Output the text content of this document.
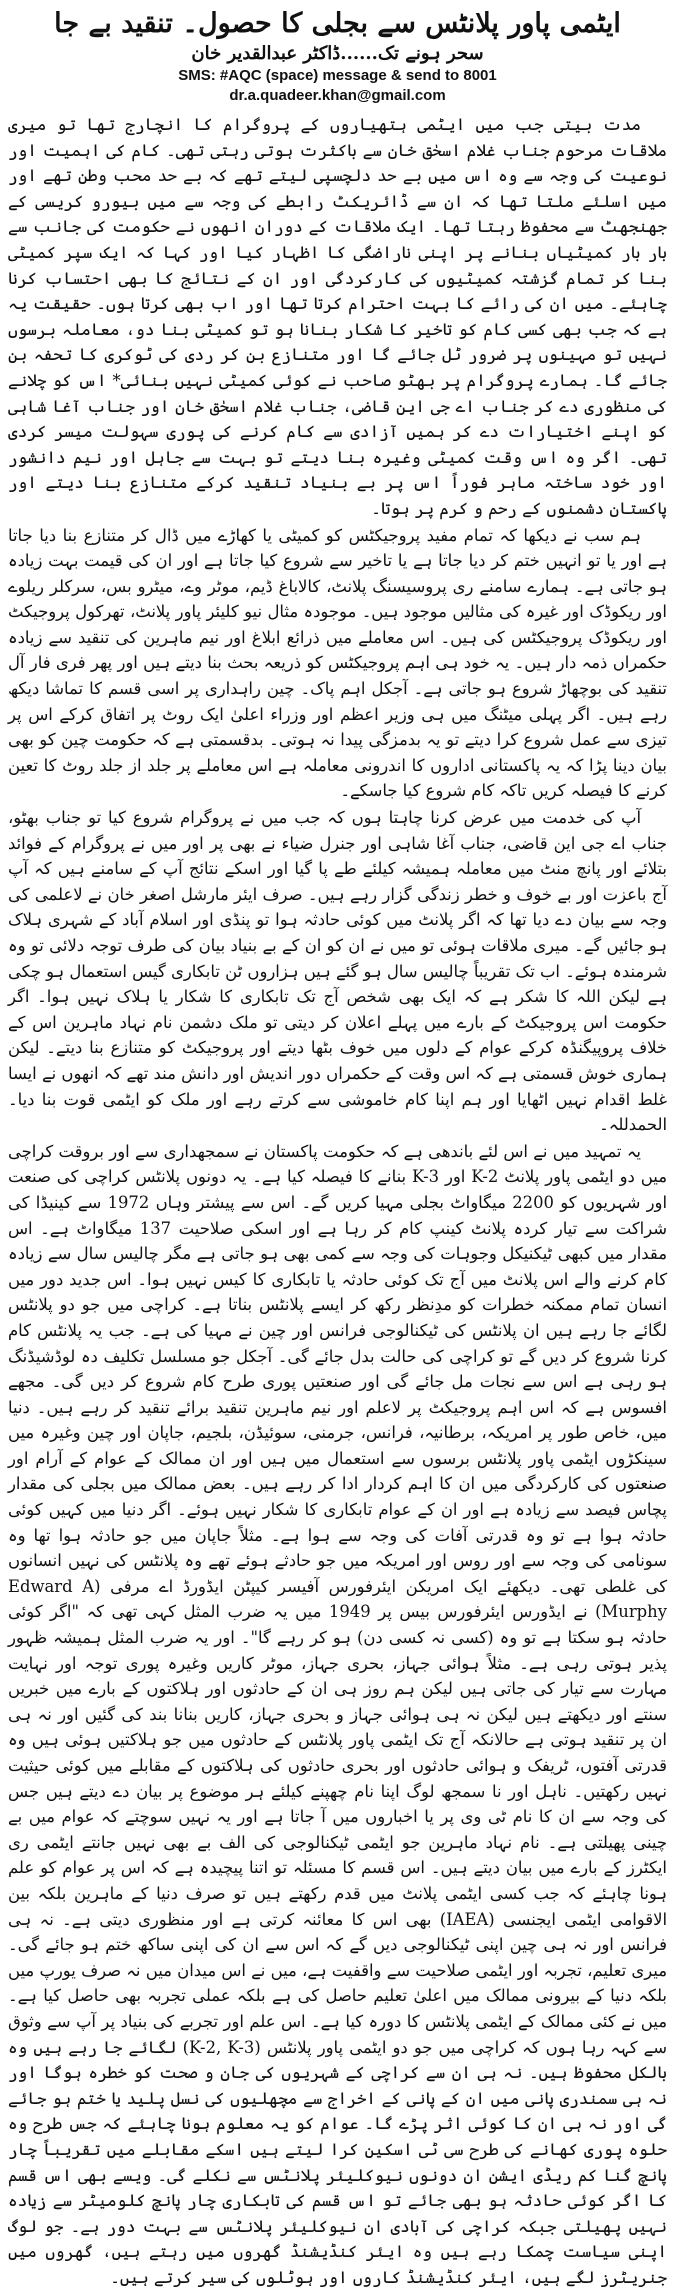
ایٹمی پاور پلانٹس سے بجلی کا حصول۔ تنقید بے جا
سحر ہونے تک......ڈاکٹر عبدالقدیر خان
SMS: #AQC (space) message & send to 8001
dr.a.quadeer.khan@gmail.com

مدت بیتی جب میں ایٹمی ہتھیاروں کے پروگرام کا انچارج تھا تو میری ملاقات مرحوم جناب غلام اسحٰق خان سے باکثرت ہوتی رہتی تھی۔ کام کی اہمیت اور نوعیت کی وجہ سے وہ اس میں بے حد دلچسپی لیتے تھے کہ بے حد محب وطن تھے اور میں اسلئے ملتا تھا کہ ان سے ڈائریکٹ رابطے کی وجہ سے میں بیورو کریسی کے جھنجھٹ سے محفوظ رہتا تھا۔ ایک ملاقات کے دوران انھوں نے حکومت کی جانب سے بار بار کمیٹیاں بنانے پر اپنی ناراضگی کا اظہار کیا اور کہا کہ ایک سپر کمیٹی بنا کر تمام گزشتہ کمیٹیوں کی کارکردگی اور ان کے نتائج کا بھی احتساب کرنا چاہئے۔ میں ان کی رائے کا بہت احترام کرتا تھا اور اب بھی کرتا ہوں۔ حقیقت یہ ہے کہ جب بھی کسی کام کو تاخیر کا شکار بنانا ہو تو کمیٹی بنا دو، معاملہ برسوں نہیں تو مہینوں پر ضرور ٹل جائے گا اور متنازع بن کر ردی کی ٹوکری کا تحفہ بن جائے گا۔ ہمارے پروگرام پر بھٹو صاحب نے کوئی کمیٹی نہیں بنائی* اس کو چلانے کی منظوری دے کر جناب اے جی این قاضی، جناب غلام اسحٰق خان اور جناب آغا شاہی کو اپنے اختیارات دے کر ہمیں آزادی سے کام کرنے کی پوری سہولت میسر کردی تھی۔ اگر وہ اس وقت کمیٹی وغیرہ بنا دیتے تو بہت سے جاہل اور نیم دانشور اور خود ساختہ ماہر فوراً اس پر بے بنیاد تنقید کرکے متنازع بنا دیتے اور پاکستان دشمنوں کے رحم و کرم پر ہوتا۔

ہم سب نے دیکھا کہ تمام مفید پروجیکٹس کو کمیٹی یا کھاڑے میں ڈال کر متنازع بنا دیا جاتا ہے اور یا تو انہیں ختم کر دیا جاتا ہے یا تاخیر سے شروع کیا جاتا ہے اور ان کی قیمت بہت زیادہ ہو جاتی ہے۔ ہمارے سامنے ری پروسیسنگ پلانٹ، کالاباغ ڈیم، موٹر وے، میٹرو بس، سرکلر ریلوے اور ریکوڈک اور غیرہ کی مثالیں موجود ہیں۔ موجودہ مثال نیو کلیئر پاور پلانٹ، تھرکول پروجیکٹ اور ریکوڈک پروجیکٹس کی ہیں۔ اس معاملے میں ذرائع ابلاغ اور نیم ماہرین کی تنقید سے زیادہ حکمراں ذمہ دار ہیں۔ یہ خود ہی اہم پروجیکٹس کو ذریعہ بحث بنا دیتے ہیں اور پھر فری فار آل تنقید کی بوچھاڑ شروع ہو جاتی ہے۔ آجکل اہم پاک۔ چین راہداری پر اسی قسم کا تماشا دیکھ رہے ہیں۔ اگر پہلی میٹنگ میں ہی وزیر اعظم اور وزراء اعلیٰ ایک روٹ پر اتفاق کرکے اس پر تیزی سے عمل شروع کرا دیتے تو یہ بدمزگی پیدا نہ ہوتی۔ بدقسمتی ہے کہ حکومت چین کو بھی بیان دینا پڑا کہ یہ پاکستانی اداروں کا اندرونی معاملہ ہے اس معاملے پر جلد از جلد روٹ کا تعین کرنے کا فیصلہ کریں تاکہ کام شروع کیا جاسکے۔

آپ کی خدمت میں عرض کرنا چاہتا ہوں کہ جب میں نے پروگرام شروع کیا تو جناب بھٹو، جناب اے جی این قاضی، جناب آغا شاہی اور جنرل ضیاء نے بھی پر اور میں نے پروگرام کے فوائد بتلائے اور پانچ منٹ میں معاملہ ہمیشہ کیلئے طے پا گیا اور اسکے نتائج آپ کے سامنے ہیں کہ آپ آج باعزت اور بے خوف و خطر زندگی گزار رہے ہیں۔ صرف ایئر مارشل اصغر خان نے لاعلمی کی وجہ سے بیان دے دیا تھا کہ اگر پلانٹ میں کوئی حادثہ ہوا تو پنڈی اور اسلام آباد کے شہری ہلاک ہو جائیں گے۔ میری ملاقات ہوئی تو میں نے ان کو ان کے بے بنیاد بیان کی طرف توجہ دلائی تو وہ شرمندہ ہوئے۔ اب تک تقریباً چالیس سال ہو گئے ہیں ہزاروں ٹن تابکاری گیس استعمال ہو چکی ہے لیکن اللہ کا شکر ہے کہ ایک بھی شخص آج تک تابکاری کا شکار یا ہلاک نہیں ہوا۔ اگر حکومت اس پروجیکٹ کے بارے میں پہلے اعلان کر دیتی تو ملک دشمن نام نہاد ماہرین اس کے خلاف پروپیگنڈہ کرکے عوام کے دلوں میں خوف بٹھا دیتے اور پروجیکٹ کو متنازع بنا دیتے۔ لیکن ہماری خوش قسمتی ہے کہ اس وقت کے حکمراں دور اندیش اور دانش مند تھے کہ انھوں نے ایسا غلط اقدام نہیں اٹھایا اور ہم اپنا کام خاموشی سے کرتے رہے اور ملک کو ایٹمی قوت بنا دیا۔ الحمدللہ۔

یہ تمہید میں نے اس لئے باندھی ہے کہ حکومت پاکستان نے سمجھداری سے اور بروقت کراچی میں دو ایٹمی پاور پلانٹ K-2 اور K-3 بنانے کا فیصلہ کیا ہے۔ یہ دونوں پلانٹس کراچی کی صنعت اور شہریوں کو 2200 میگاواٹ بجلی مہیا کریں گے۔ اس سے پیشتر وہاں 1972 سے کینیڈا کی شراکت سے تیار کردہ پلانٹ کینپ کام کر رہا ہے اور اسکی صلاحیت 137 میگاواٹ ہے۔ اس مقدار میں کبھی ٹیکنیکل وجوہات کی وجہ سے کمی بھی ہو جاتی ہے مگر چالیس سال سے زیادہ کام کرنے والے اس پلانٹ میں آج تک کوئی حادثہ یا تابکاری کا کیس نہیں ہوا۔ اس جدید دور میں انسان تمام ممکنہ خطرات کو مدِنظر رکھ کر ایسے پلانٹس بناتا ہے۔ کراچی میں جو دو پلانٹس لگائے جا رہے ہیں ان پلانٹس کی ٹیکنالوجی فرانس اور چین نے مہیا کی ہے۔ جب یہ پلانٹس کام کرنا شروع کر دیں گے تو کراچی کی حالت بدل جائے گی۔ آجکل جو مسلسل تکلیف دہ لوڈشیڈنگ ہو رہی ہے اس سے نجات مل جائے گی اور صنعتیں پوری طرح کام شروع کر دیں گی۔ مجھے افسوس ہے کہ اس اہم پروجیکٹ پر لاعلم اور نیم ماہرین تنقید برائے تنقید کر رہے ہیں۔ دنیا میں، خاص طور پر امریکہ، برطانیہ، فرانس، جرمنی، سوئیڈن، بلجیم، جاپان اور چین وغیرہ میں سینکڑوں ایٹمی پاور پلانٹس برسوں سے استعمال میں ہیں اور ان ممالک کے عوام کے آرام اور صنعتوں کی کارکردگی میں ان کا اہم کردار ادا کر رہے ہیں۔ بعض ممالک میں بجلی کی مقدار پچاس فیصد سے زیادہ ہے اور ان کے عوام تابکاری کا شکار نہیں ہوئے۔ اگر دنیا میں کہیں کوئی حادثہ ہوا ہے تو وہ قدرتی آفات کی وجہ سے ہوا ہے۔ مثلاً جاپان میں جو حادثہ ہوا تھا وہ سونامی کی وجہ سے اور روس اور امریکہ میں جو حادثے ہوئے تھے وہ پلانٹس کی نہیں انسانوں کی غلطی تھی۔ دیکھئے ایک امریکن ایئرفورس آفیسر کیپٹن ایڈورڈ اے مرفی (Edward A Murphy) نے ایڈورس ایئرفورس بیس پر 1949 میں یہ ضرب المثل کہی تھی کہ "اگر کوئی حادثہ ہو سکتا ہے تو وہ (کسی نہ کسی دن) ہو کر رہے گا"۔ اور یہ ضرب المثل ہمیشہ ظہور پذیر ہوتی رہی ہے۔ مثلاً ہوائی جہاز، بحری جہاز، موٹر کاریں وغیرہ پوری توجہ اور نہایت مہارت سے تیار کی جاتی ہیں لیکن ہم روز ہی ان کے حادثوں اور ہلاکتوں کے بارے میں خبریں سنتے اور دیکھتے ہیں لیکن نہ ہی ہوائی جہاز و بحری جہاز، کاریں بنانا بند کی گئیں اور نہ ہی ان پر تنقید ہوتی ہے حالانکہ آج تک ایٹمی پاور پلانٹس کے حادثوں میں جو ہلاکتیں ہوئی ہیں وہ قدرتی آفتوں، ٹریفک و ہوائی حادثوں اور بحری حادثوں کی ہلاکتوں کے مقابلے میں کوئی حیثیت نہیں رکھتیں۔ ناہل اور نا سمجھ لوگ اپنا نام چھپنے کیلئے ہر موضوع پر بیان دے دیتے ہیں جس کی وجہ سے ان کا نام ٹی وی پر یا اخباروں میں آ جاتا ہے اور یہ نہیں سوچتے کہ عوام میں بے چینی پھیلتی ہے۔ نام نہاد ماہرین جو ایٹمی ٹیکنالوجی کی الف بے بھی نہیں جانتے ایٹمی ری ایکٹرز کے بارے میں بیان دیتے ہیں۔ اس قسم کا مسئلہ تو اتنا پیچیدہ ہے کہ اس پر عوام کو علم ہونا چاہئے کہ جب کسی ایٹمی پلانٹ میں قدم رکھتے ہیں تو صرف دنیا کے ماہرین بلکہ بین الاقوامی ایٹمی ایجنسی (IAEA) بھی اس کا معائنہ کرتی ہے اور منظوری دیتی ہے۔ نہ ہی فرانس اور نہ ہی چین اپنی ٹیکنالوجی دیں گے کہ اس سے ان کی اپنی ساکھ ختم ہو جائے گی۔ میری تعلیم، تجربہ اور ایٹمی صلاحیت سے واقفیت ہے، میں نے اس میدان میں نہ صرف یورپ میں بلکہ دنیا کے بیرونی ممالک میں اعلیٰ تعلیم حاصل کی ہے بلکہ عملی تجربہ بھی حاصل کیا ہے۔ میں نے کئی ممالک کے ایٹمی پلانٹس کا دورہ کیا ہے۔ اس علم اور تجربے کی بنیاد پر آپ سے وثوق سے کہہ رہا ہوں کہ کراچی میں جو دو ایٹمی پاور پلانٹس (K-2, K-3) لگائے جا رہے ہیں وہ بالکل محفوظ ہیں۔ نہ ہی ان سے کراچی کے شہریوں کی جان و صحت کو خطرہ ہوگا اور نہ ہی سمندری پانی میں ان کے پانی کے اخراج سے مچھلیوں کی نسل پلید یا ختم ہو جائے گی اور نہ ہی ان کا کوئی اثر پڑے گا۔ عوام کو یہ معلوم ہونا چاہئے کہ جس طرح وہ حلوہ پوری کھانے کی طرح سی ٹی اسکین کرا لیتے ہیں اسکے مقابلے میں تقریباً چار پانچ گنا کم ریڈی ایشن ان دونوں نیوکلیئر پلانٹس سے نکلے گی۔ ویسے بھی اس قسم کا اگر کوئی حادثہ ہو بھی جائے تو اس قسم کی تابکاری چار پانچ کلومیٹر سے زیادہ نہیں پھیلتی جبکہ کراچی کی آبادی ان نیوکلیئر پلانٹس سے بہت دور ہے۔ جو لوگ اپنی سیاست چمکا رہے ہیں وہ ایئر کنڈیشنڈ گھروں میں رہتے ہیں، گھروں میں جنریٹرز لگے ہیں، ایئر کنڈیشنڈ کاروں اور ہوٹلوں کی سیر کرتے ہیں۔
